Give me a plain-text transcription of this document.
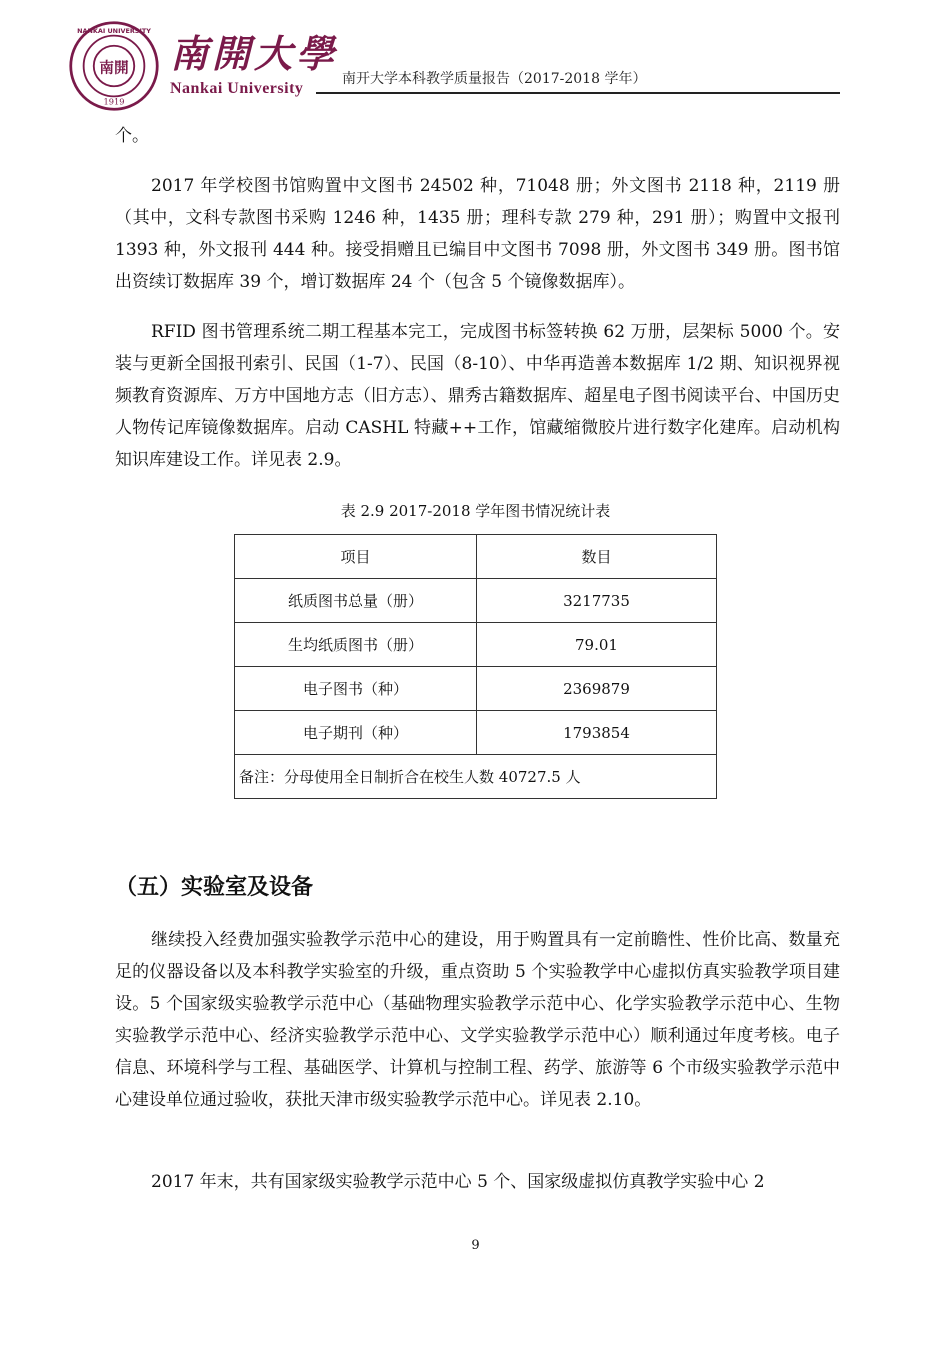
南開
1919
NANKAI UNIVERSITY
南開大學
Nankai University
南开大学本科教学质量报告（2017-2018 学年）
个。
2017 年学校图书馆购置中文图书 24502 种，71048 册；外文图书 2118 种，2119 册（其中，文科专款图书采购 1246 种，1435 册；理科专款 279 种，291 册）；购置中文报刊 1393 种，外文报刊 444 种。接受捐赠且已编目中文图书 7098 册，外文图书 349 册。图书馆出资续订数据库 39 个，增订数据库 24 个（包含 5 个镜像数据库）。
RFID 图书管理系统二期工程基本完工，完成图书标签转换 62 万册，层架标 5000 个。安装与更新全国报刊索引、民国（1-7）、民国（8-10）、中华再造善本数据库 1/2 期、知识视界视频教育资源库、万方中国地方志（旧方志）、鼎秀古籍数据库、超星电子图书阅读平台、中国历史人物传记库镜像数据库。启动 CASHL 特藏++工作，馆藏缩微胶片进行数字化建库。启动机构知识库建设工作。详见表 2.9。
表 2.9 2017-2018 学年图书情况统计表
项目	数目
纸质图书总量（册）	3217735
生均纸质图书（册）	79.01
电子图书（种）	2369879
电子期刊（种）	1793854
备注：分母使用全日制折合在校生人数 40727.5 人	
（五）实验室及设备
继续投入经费加强实验教学示范中心的建设，用于购置具有一定前瞻性、性价比高、数量充足的仪器设备以及本科教学实验室的升级，重点资助 5 个实验教学中心虚拟仿真实验教学项目建设。5 个国家级实验教学示范中心（基础物理实验教学示范中心、化学实验教学示范中心、生物实验教学示范中心、经济实验教学示范中心、文学实验教学示范中心）顺利通过年度考核。电子信息、环境科学与工程、基础医学、计算机与控制工程、药学、旅游等 6 个市级实验教学示范中心建设单位通过验收，获批天津市级实验教学示范中心。详见表 2.10。
2017 年末，共有国家级实验教学示范中心 5 个、国家级虚拟仿真教学实验中心 2
9
